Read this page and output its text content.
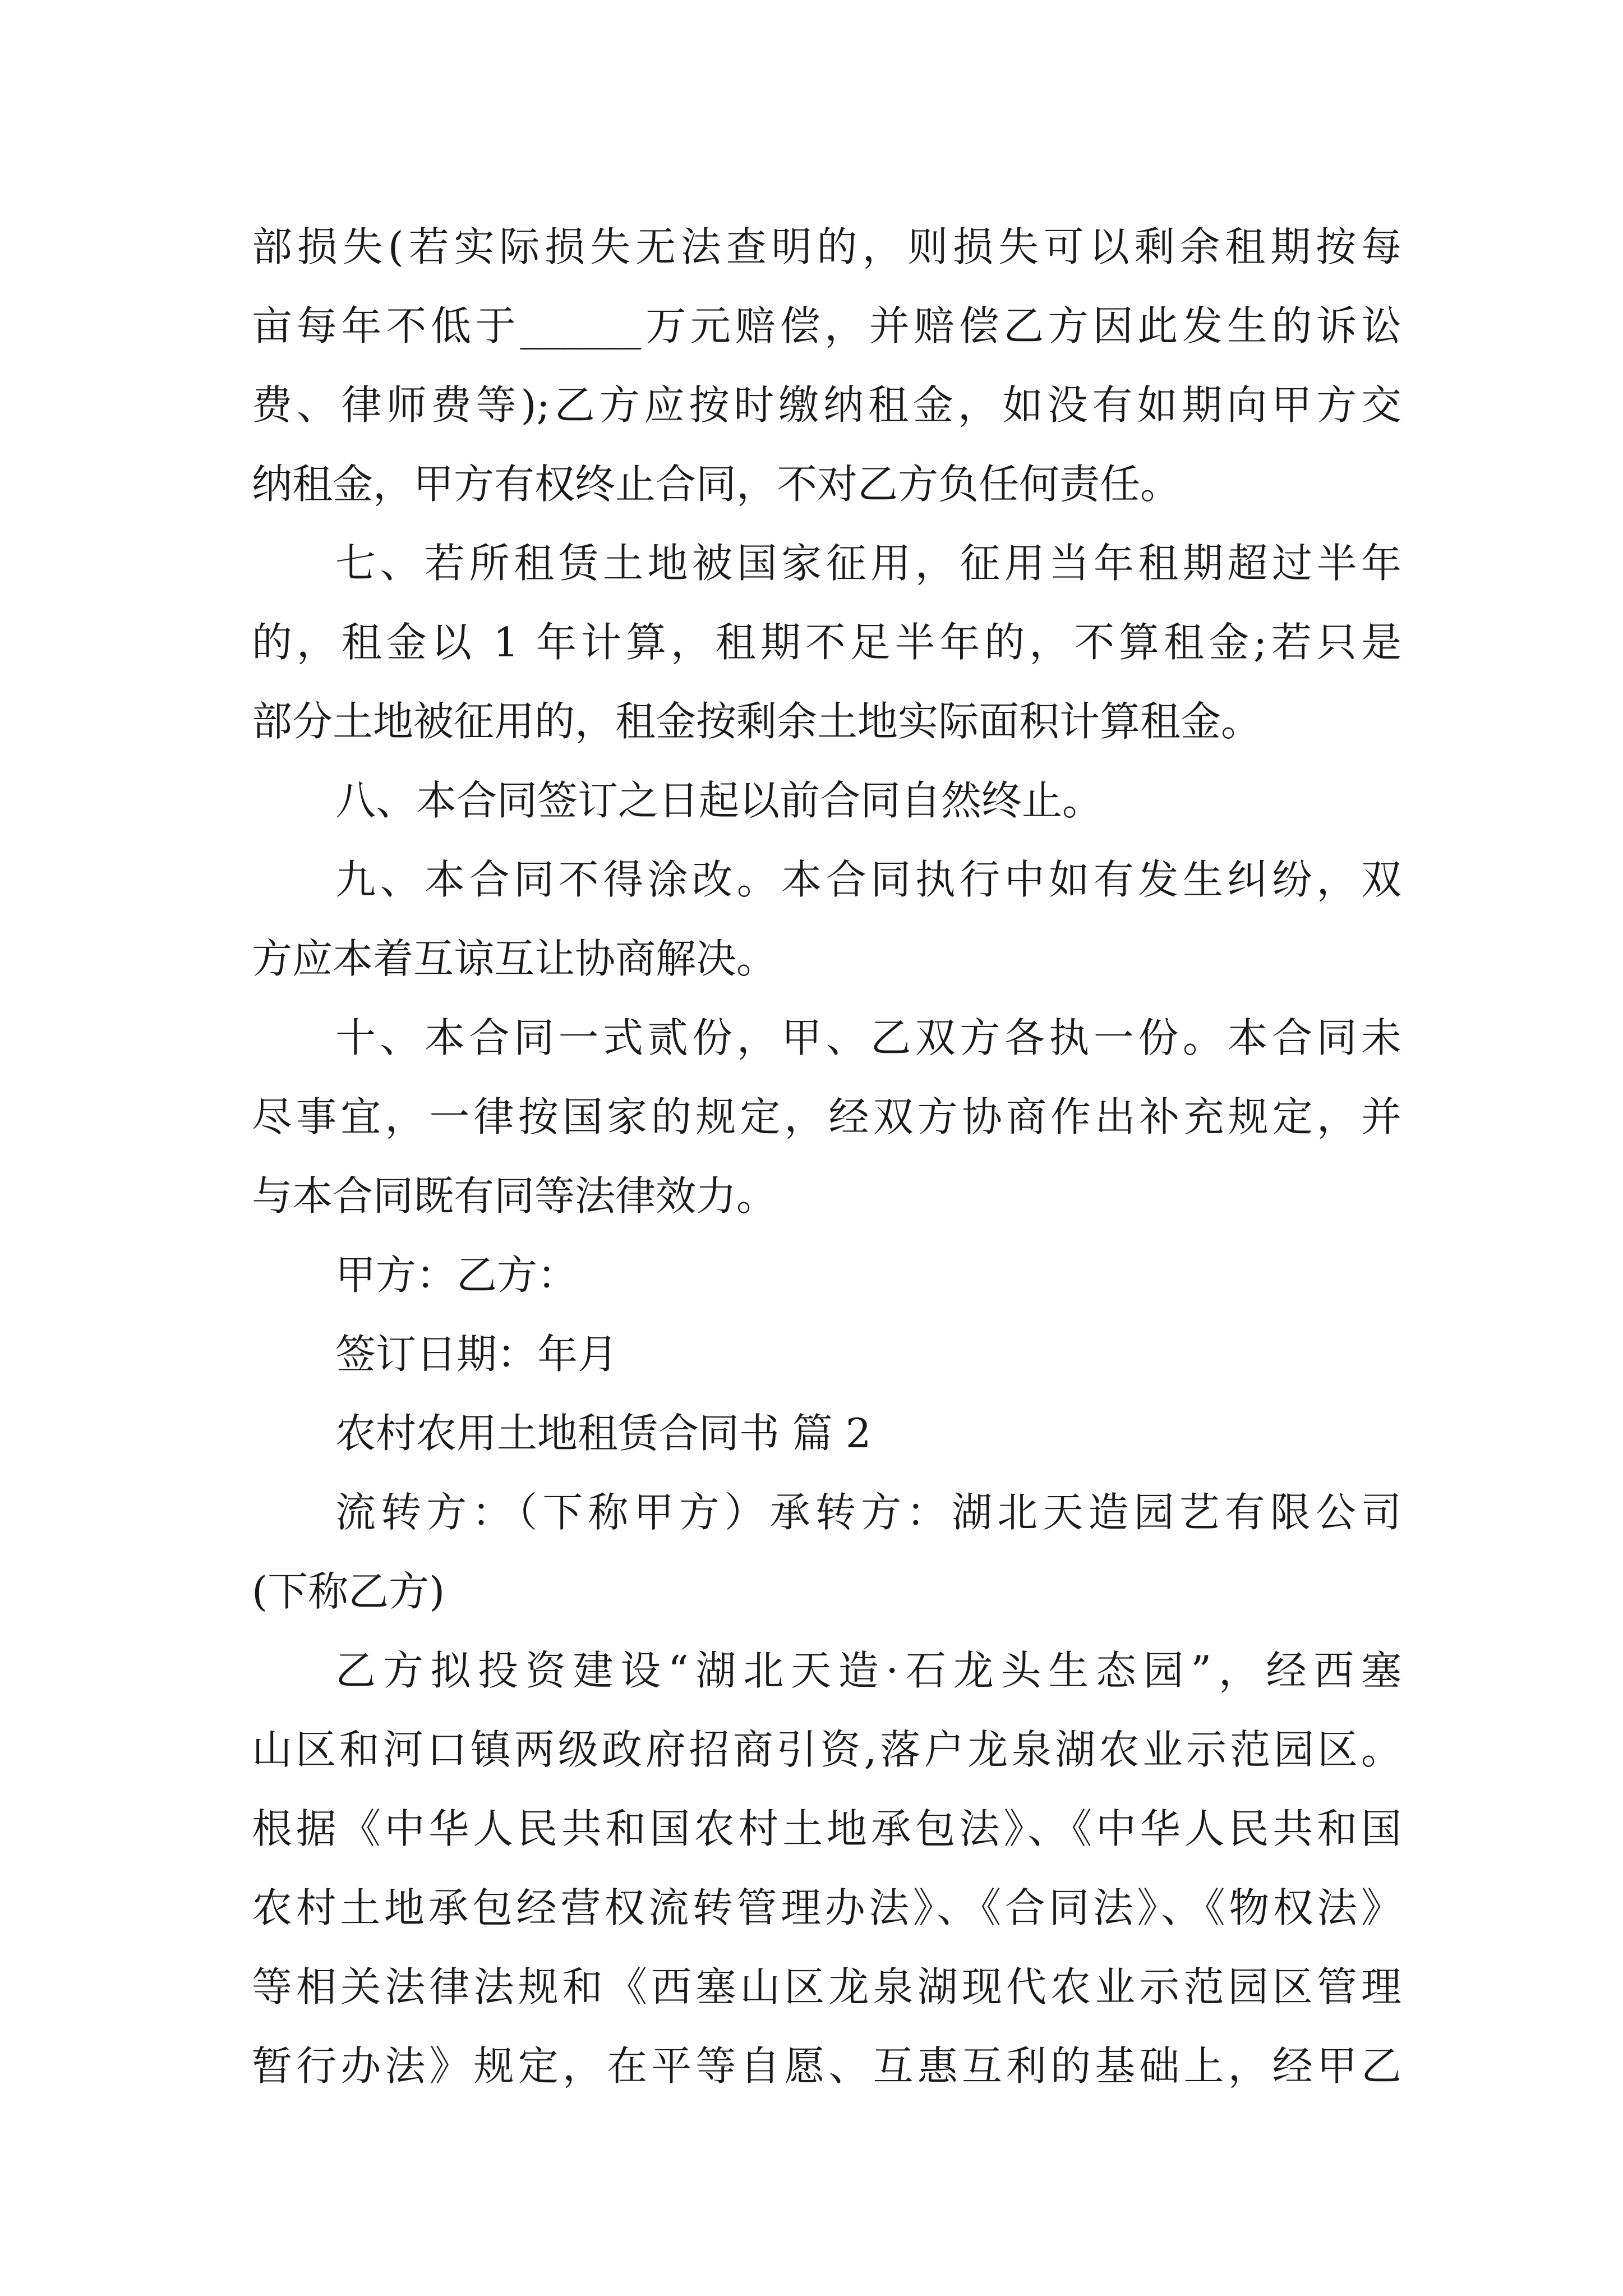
部损失(若实际损失无法查明的，则损失可以剩余租期按每
亩每年不低于______万元赔偿，并赔偿乙方因此发生的诉讼
费、律师费等);乙方应按时缴纳租金，如没有如期向甲方交
纳租金，甲方有权终止合同，不对乙方负任何责任。
七、若所租赁土地被国家征用，征用当年租期超过半年
的，租金以 1 年计算，租期不足半年的，不算租金;若只是
部分土地被征用的，租金按剩余土地实际面积计算租金。
八、本合同签订之日起以前合同自然终止。
九、本合同不得涂改。本合同执行中如有发生纠纷，双
方应本着互谅互让协商解决。
十、本合同一式贰份，甲、乙双方各执一份。本合同未
尽事宜，一律按国家的规定，经双方协商作出补充规定，并
与本合同既有同等法律效力。
甲方：乙方：
签订日期：年月
农村农用土地租赁合同书 篇 2
流转方：（下称甲方）承转方：湖北天造园艺有限公司
(下称乙方)
乙方拟投资建设“湖北天造·石龙头生态园”，经西塞
山区和河口镇两级政府招商引资,落户龙泉湖农业示范园区。
根据《中华人民共和国农村土地承包法》、《中华人民共和国
农村土地承包经营权流转管理办法》、《合同法》、《物权法》
等相关法律法规和《西塞山区龙泉湖现代农业示范园区管理
暂行办法》规定，在平等自愿、互惠互利的基础上，经甲乙
